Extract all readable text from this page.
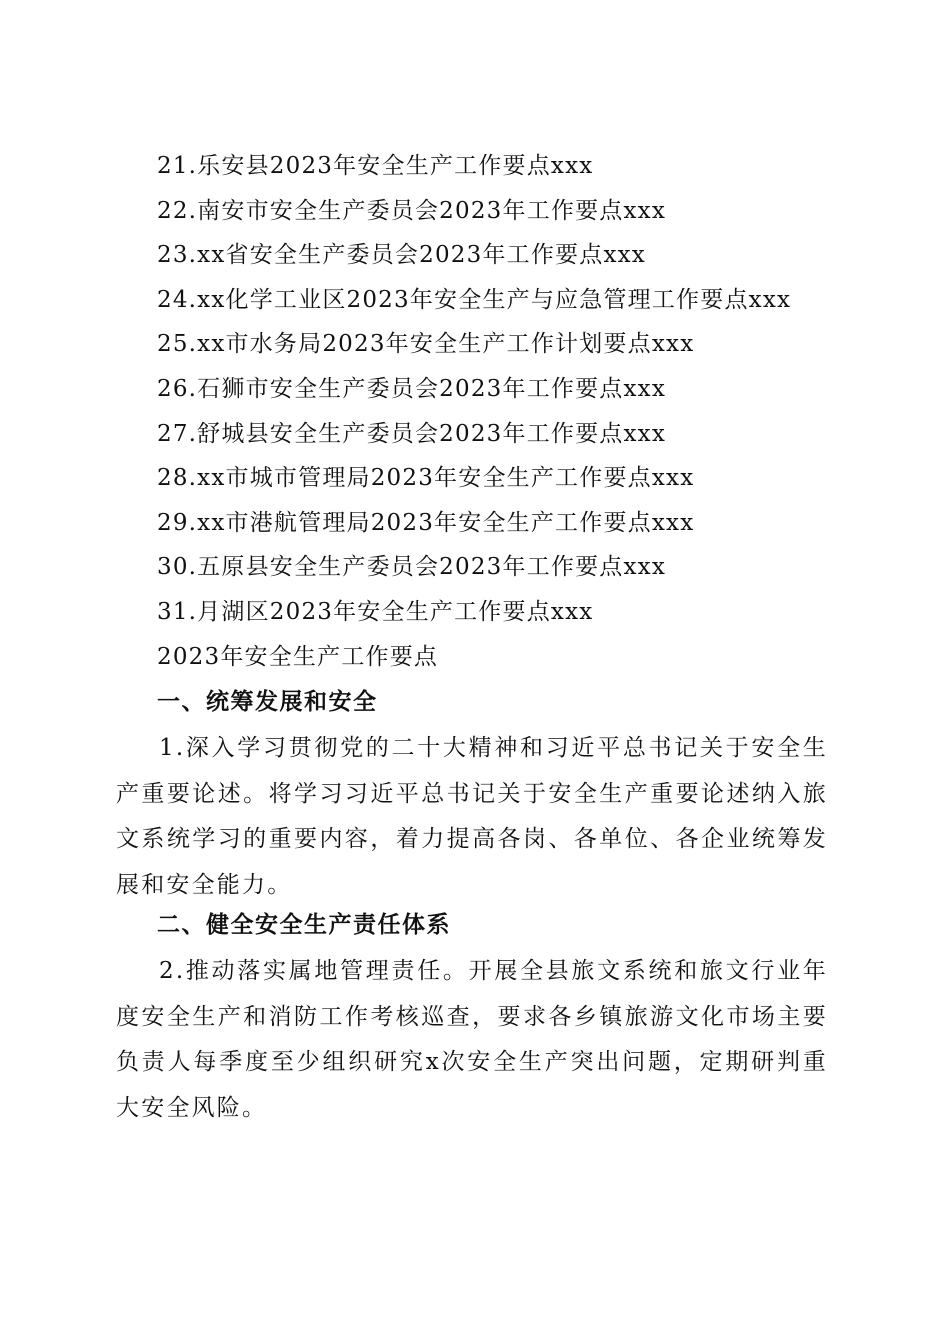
21.乐安县2023年安全生产工作要点xxx
22.南安市安全生产委员会2023年工作要点xxx
23.xx省安全生产委员会2023年工作要点xxx
24.xx化学工业区2023年安全生产与应急管理工作要点xxx
25.xx市水务局2023年安全生产工作计划要点xxx
26.石狮市安全生产委员会2023年工作要点xxx
27.舒城县安全生产委员会2023年工作要点xxx
28.xx市城市管理局2023年安全生产工作要点xxx
29.xx市港航管理局2023年安全生产工作要点xxx
30.五原县安全生产委员会2023年工作要点xxx
31.月湖区2023年安全生产工作要点xxx
2023年安全生产工作要点
一、统筹发展和安全
1.深入学习贯彻党的二十大精神和习近平总书记关于安全生产重要论述。将学习习近平总书记关于安全生产重要论述纳入旅文系统学习的重要内容，着力提高各岗、各单位、各企业统筹发展和安全能力。
二、健全安全生产责任体系
2.推动落实属地管理责任。开展全县旅文系统和旅文行业年度安全生产和消防工作考核巡查，要求各乡镇旅游文化市场主要负责人每季度至少组织研究x次安全生产突出问题，定期研判重大安全风险。
